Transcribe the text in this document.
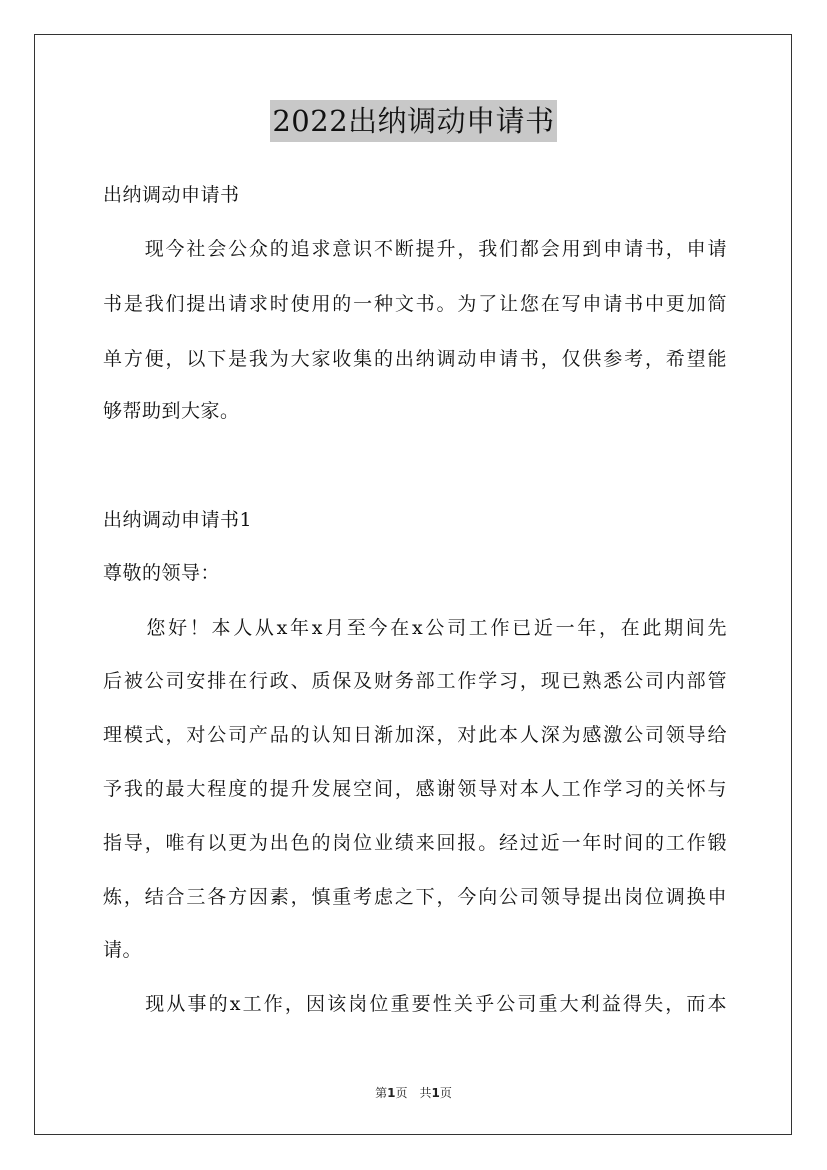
2022出纳调动申请书
出纳调动申请书
　　现今社会公众的追求意识不断提升，我们都会用到申请书，申请
书是我们提出请求时使用的一种文书。为了让您在写申请书中更加简
单方便，以下是我为大家收集的出纳调动申请书，仅供参考，希望能
够帮助到大家。
出纳调动申请书1
尊敬的领导：
　　您好！本人从x年x月至今在x公司工作已近一年，在此期间先
后被公司安排在行政、质保及财务部工作学习，现已熟悉公司内部管
理模式，对公司产品的认知日渐加深，对此本人深为感激公司领导给
予我的最大程度的提升发展空间，感谢领导对本人工作学习的关怀与
指导，唯有以更为出色的岗位业绩来回报。经过近一年时间的工作锻
炼，结合三各方因素，慎重考虑之下，今向公司领导提出岗位调换申
请。
　　现从事的x工作，因该岗位重要性关乎公司重大利益得失，而本
第1页 共1页
